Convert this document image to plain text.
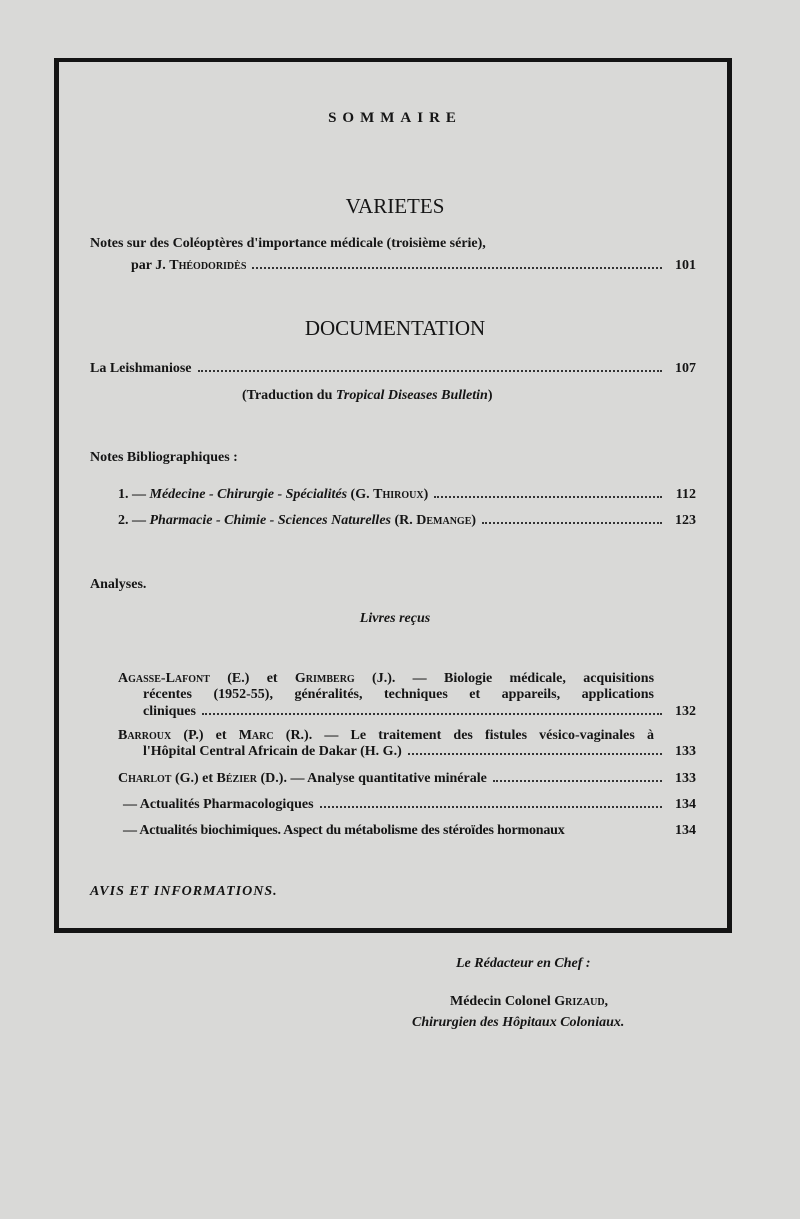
SOMMAIRE
VARIETES
Notes sur des Coléoptères d'importance médicale (troisième série),
par J. Théodoridès	101
DOCUMENTATION
La Leishmaniose	107
(Traduction du Tropical Diseases Bulletin)
Notes Bibliographiques :
1. — Médecine - Chirurgie - Spécialités (G. Thiroux)	112
2. — Pharmacie - Chimie - Sciences Naturelles (R. Demange)	123
Analyses.
Livres reçus
Agasse-Lafont (E.) et Grimberg (J.). — Biologie médicale, acquisitions
récentes (1952-55), généralités, techniques et appareils, applications
cliniques	132
Barroux (P.) et Marc (R.). — Le traitement des fistules vésico-vaginales à
l'Hôpital Central Africain de Dakar (H. G.)	133
Charlot (G.) et Bézier (D.). — Analyse quantitative minérale	133
— Actualités Pharmacologiques	134
— Actualités biochimiques. Aspect du métabolisme des stéroïdes hormonaux	134
AVIS ET INFORMATIONS.
Le Rédacteur en Chef :
Médecin Colonel Grizaud,
Chirurgien des Hôpitaux Coloniaux.
